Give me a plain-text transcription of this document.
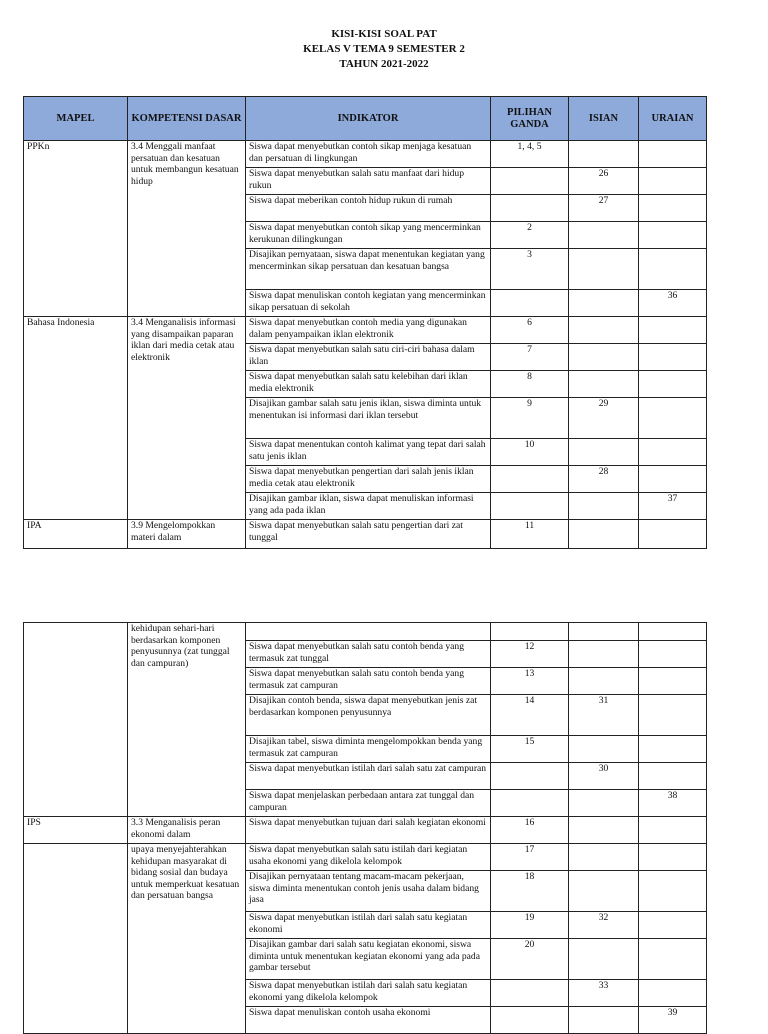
KISI-KISI SOAL PAT
KELAS V TEMA 9 SEMESTER 2
TAHUN 2021-2022
MAPEL	KOMPETENSI DASAR	INDIKATOR	PILIHAN GANDA	ISIAN	URAIAN
PPKn	3.4 Menggali manfaat persatuan dan kesatuan untuk membangun kesatuan hidup	Siswa dapat menyebutkan contoh sikap menjaga kesatuan dan persatuan di lingkungan	1, 4, 5		
		Siswa dapat menyebutkan salah satu manfaat dari hidup rukun		26	
		Siswa dapat meberikan contoh hidup rukun di rumah		27	
		Siswa dapat menyebutkan contoh sikap yang mencerminkan kerukunan dilingkungan	2		
		Disajikan pernyataan, siswa dapat menentukan kegiatan yang mencerminkan sikap persatuan dan kesatuan bangsa	3		
		Siswa dapat menuliskan contoh kegiatan yang mencerminkan sikap persatuan di sekolah			36
Bahasa Indonesia	3.4 Menganalisis informasi yang disampaikan paparan iklan dari media cetak atau elektronik	Siswa dapat menyebutkan contoh media yang digunakan dalam penyampaikan iklan elektronik	6		
		Siswa dapat menyebutkan salah satu ciri-ciri bahasa dalam iklan	7		
		Siswa dapat menyebutkan salah satu kelebihan dari iklan media elektronik	8		
		Disajikan gambar salah satu jenis iklan, siswa diminta untuk menentukan isi informasi dari iklan tersebut	9	29	
		Siswa dapat menentukan contoh kalimat yang tepat dari salah satu jenis iklan	10		
		Siswa dapat menyebutkan pengertian dari salah jenis iklan media cetak atau elektronik		28	
		Disajikan gambar iklan, siswa dapat menuliskan informasi yang ada pada iklan			37
IPA	3.9 Mengelompokkan materi dalam	Siswa dapat menyebutkan salah satu pengertian dari zat tunggal	11		
	kehidupan sehari-hari berdasarkan komponen penyusunnya (zat tunggal dan campuran)				
		Siswa dapat menyebutkan salah satu contoh benda yang termasuk zat tunggal	12		
		Siswa dapat menyebutkan salah satu contoh benda yang termasuk zat campuran	13		
		Disajikan contoh benda, siswa dapat menyebutkan jenis zat berdasarkan komponen penyusunnya	14	31	
		Disajikan tabel, siswa diminta mengelompokkan benda yang termasuk zat campuran	15		
		Siswa dapat menyebutkan istilah dari salah satu zat campuran		30	
		Siswa dapat menjelaskan perbedaan antara zat tunggal dan campuran			38
IPS	3.3 Menganalisis peran ekonomi dalam	Siswa dapat menyebutkan tujuan dari salah kegiatan ekonomi	16		
	upaya menyejahterahkan kehidupan masyarakat di bidang sosial dan budaya untuk memperkuat kesatuan dan persatuan bangsa	Siswa dapat menyebutkan salah satu istilah dari kegiatan usaha ekonomi yang dikelola kelompok	17		
		Disajikan pernyataan tentang macam-macam pekerjaan, siswa diminta menentukan contoh jenis usaha dalam bidang jasa	18		
		Siswa dapat menyebutkan istilah dari salah satu kegiatan ekonomi	19	32	
		Disajikan gambar dari salah satu kegiatan ekonomi, siswa diminta untuk menentukan kegiatan ekonomi yang ada pada gambar tersebut	20		
		Siswa dapat menyebutkan istilah dari salah satu kegiatan ekonomi yang dikelola kelompok		33	
		Siswa dapat menuliskan contoh usaha ekonomi			39
